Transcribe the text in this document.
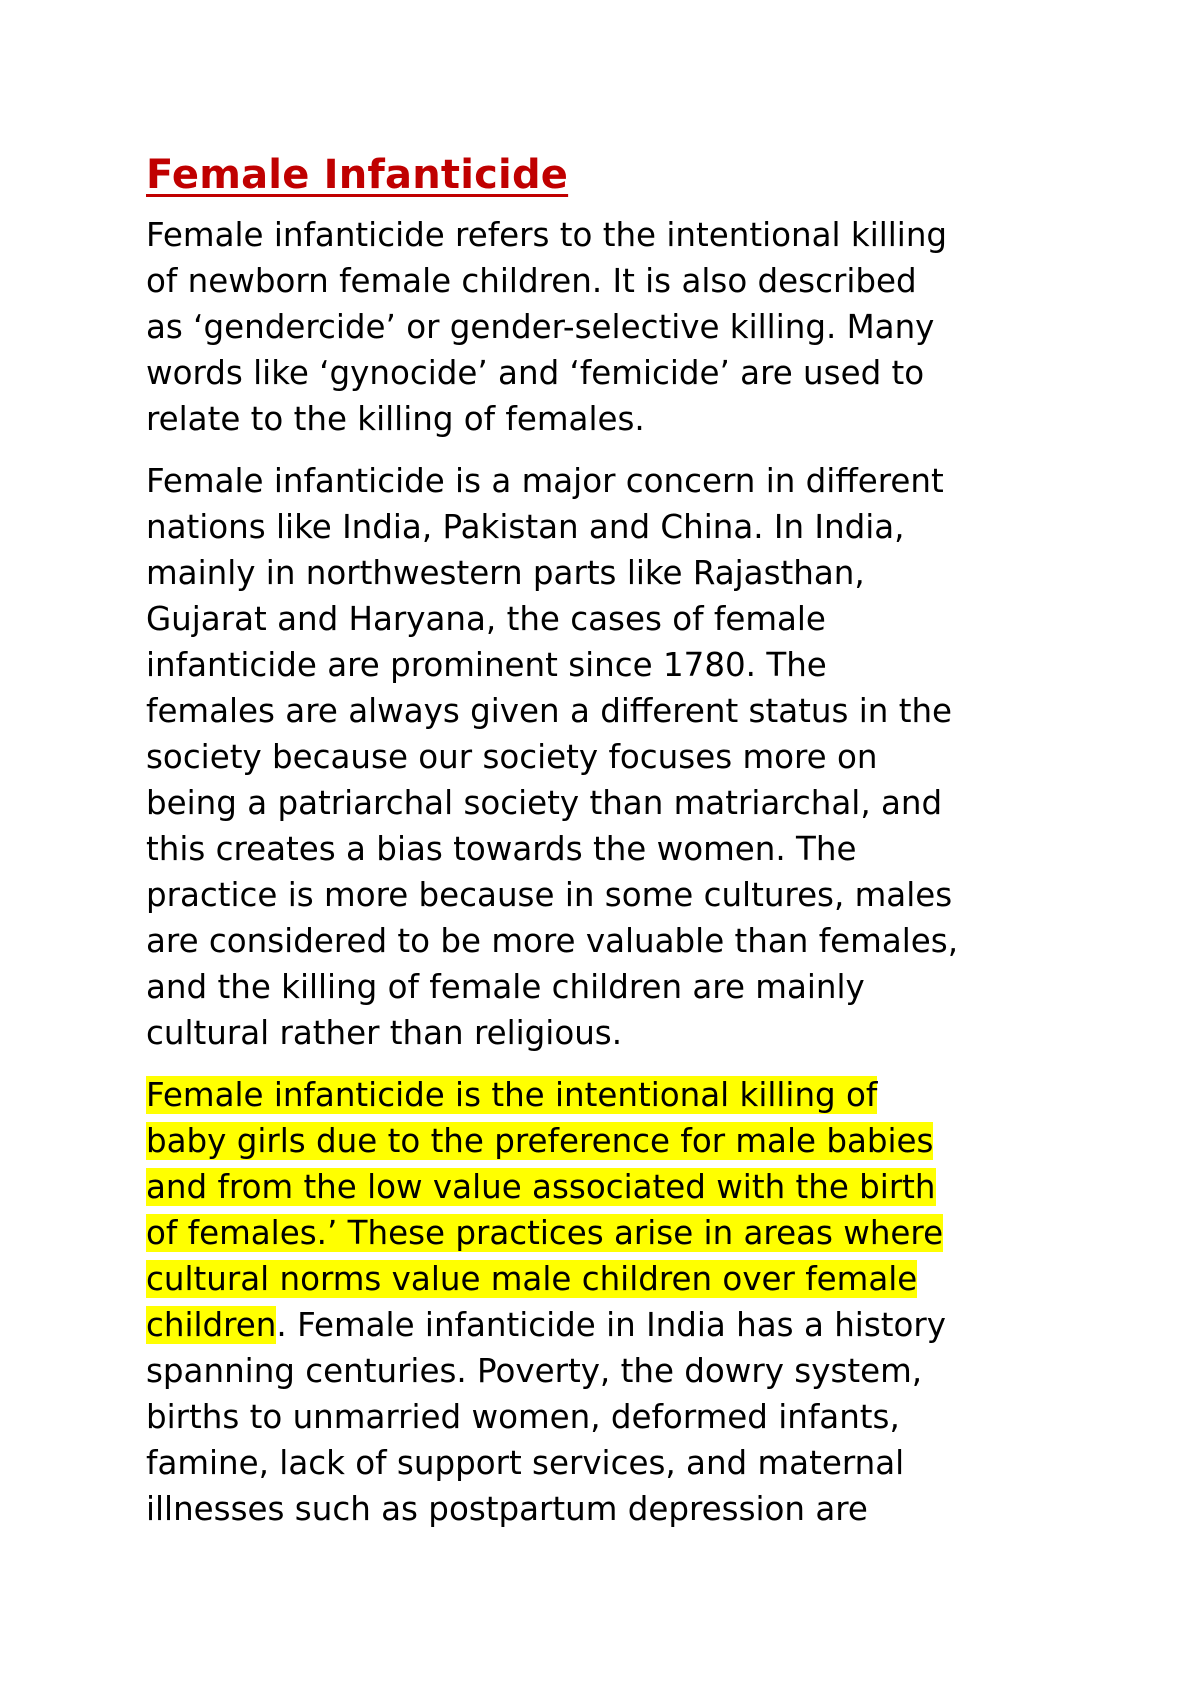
Female Infanticide
Female infanticide refers to the intentional killing
of newborn female children. It is also described
as ‘gendercide’ or gender-selective killing. Many
words like ‘gynocide’ and ‘femicide’ are used to
relate to the killing of females.
Female infanticide is a major concern in different
nations like India, Pakistan and China. In India,
mainly in northwestern parts like Rajasthan,
Gujarat and Haryana, the cases of female
infanticide are prominent since 1780. The
females are always given a different status in the
society because our society focuses more on
being a patriarchal society than matriarchal, and
this creates a bias towards the women. The
practice is more because in some cultures, males
are considered to be more valuable than females,
and the killing of female children are mainly
cultural rather than religious.
Female infanticide is the intentional killing of
baby girls due to the preference for male babies
and from the low value associated with the birth
of females.’ These practices arise in areas where
cultural norms value male children over female
children. Female infanticide in India has a history
spanning centuries. Poverty, the dowry system,
births to unmarried women, deformed infants,
famine, lack of support services, and maternal
illnesses such as postpartum depression are
